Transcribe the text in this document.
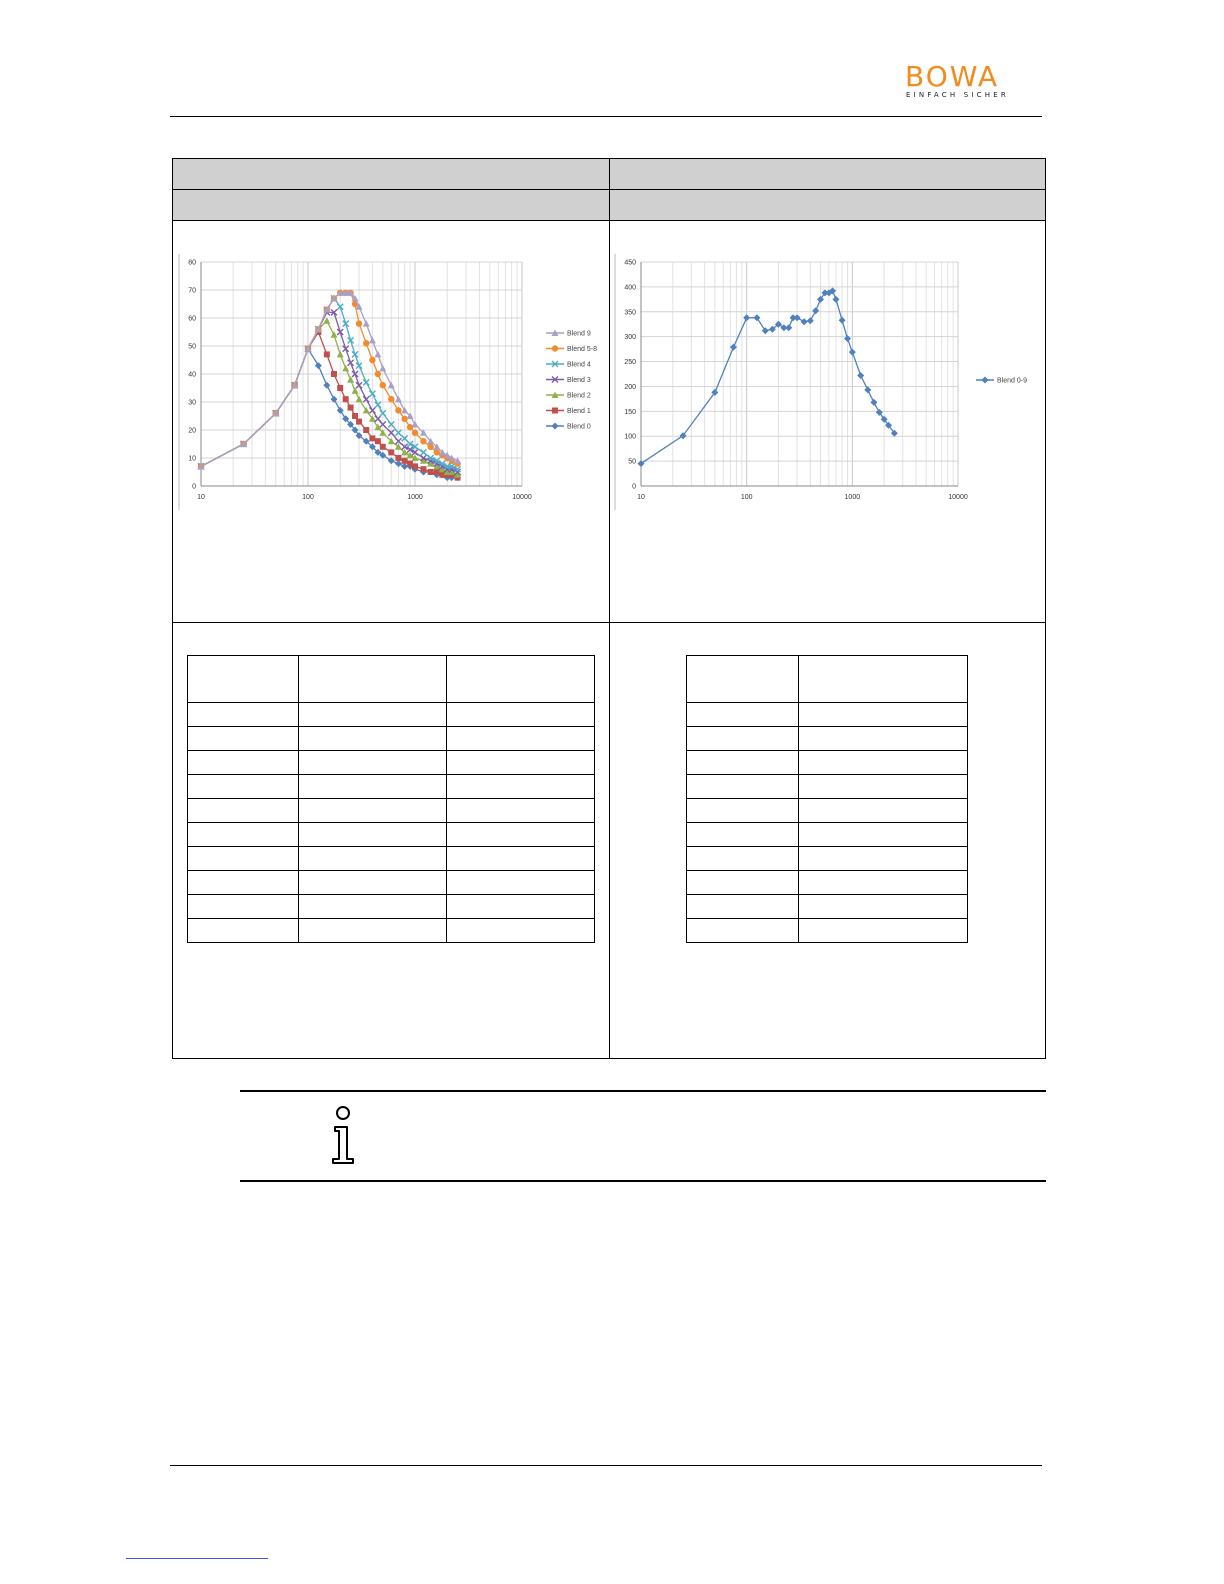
BOWA
EINFACH SICHER
0
10
20
30
40
50
60
70
80
10	100	1000	10000
Blend 9
Blend 5-8
Blend 4
Blend 3
Blend 2
Blend 1
Blend 0
0
50
100
150
200
250
300
350
400
450
10	100	1000	10000
Blend 0-9
